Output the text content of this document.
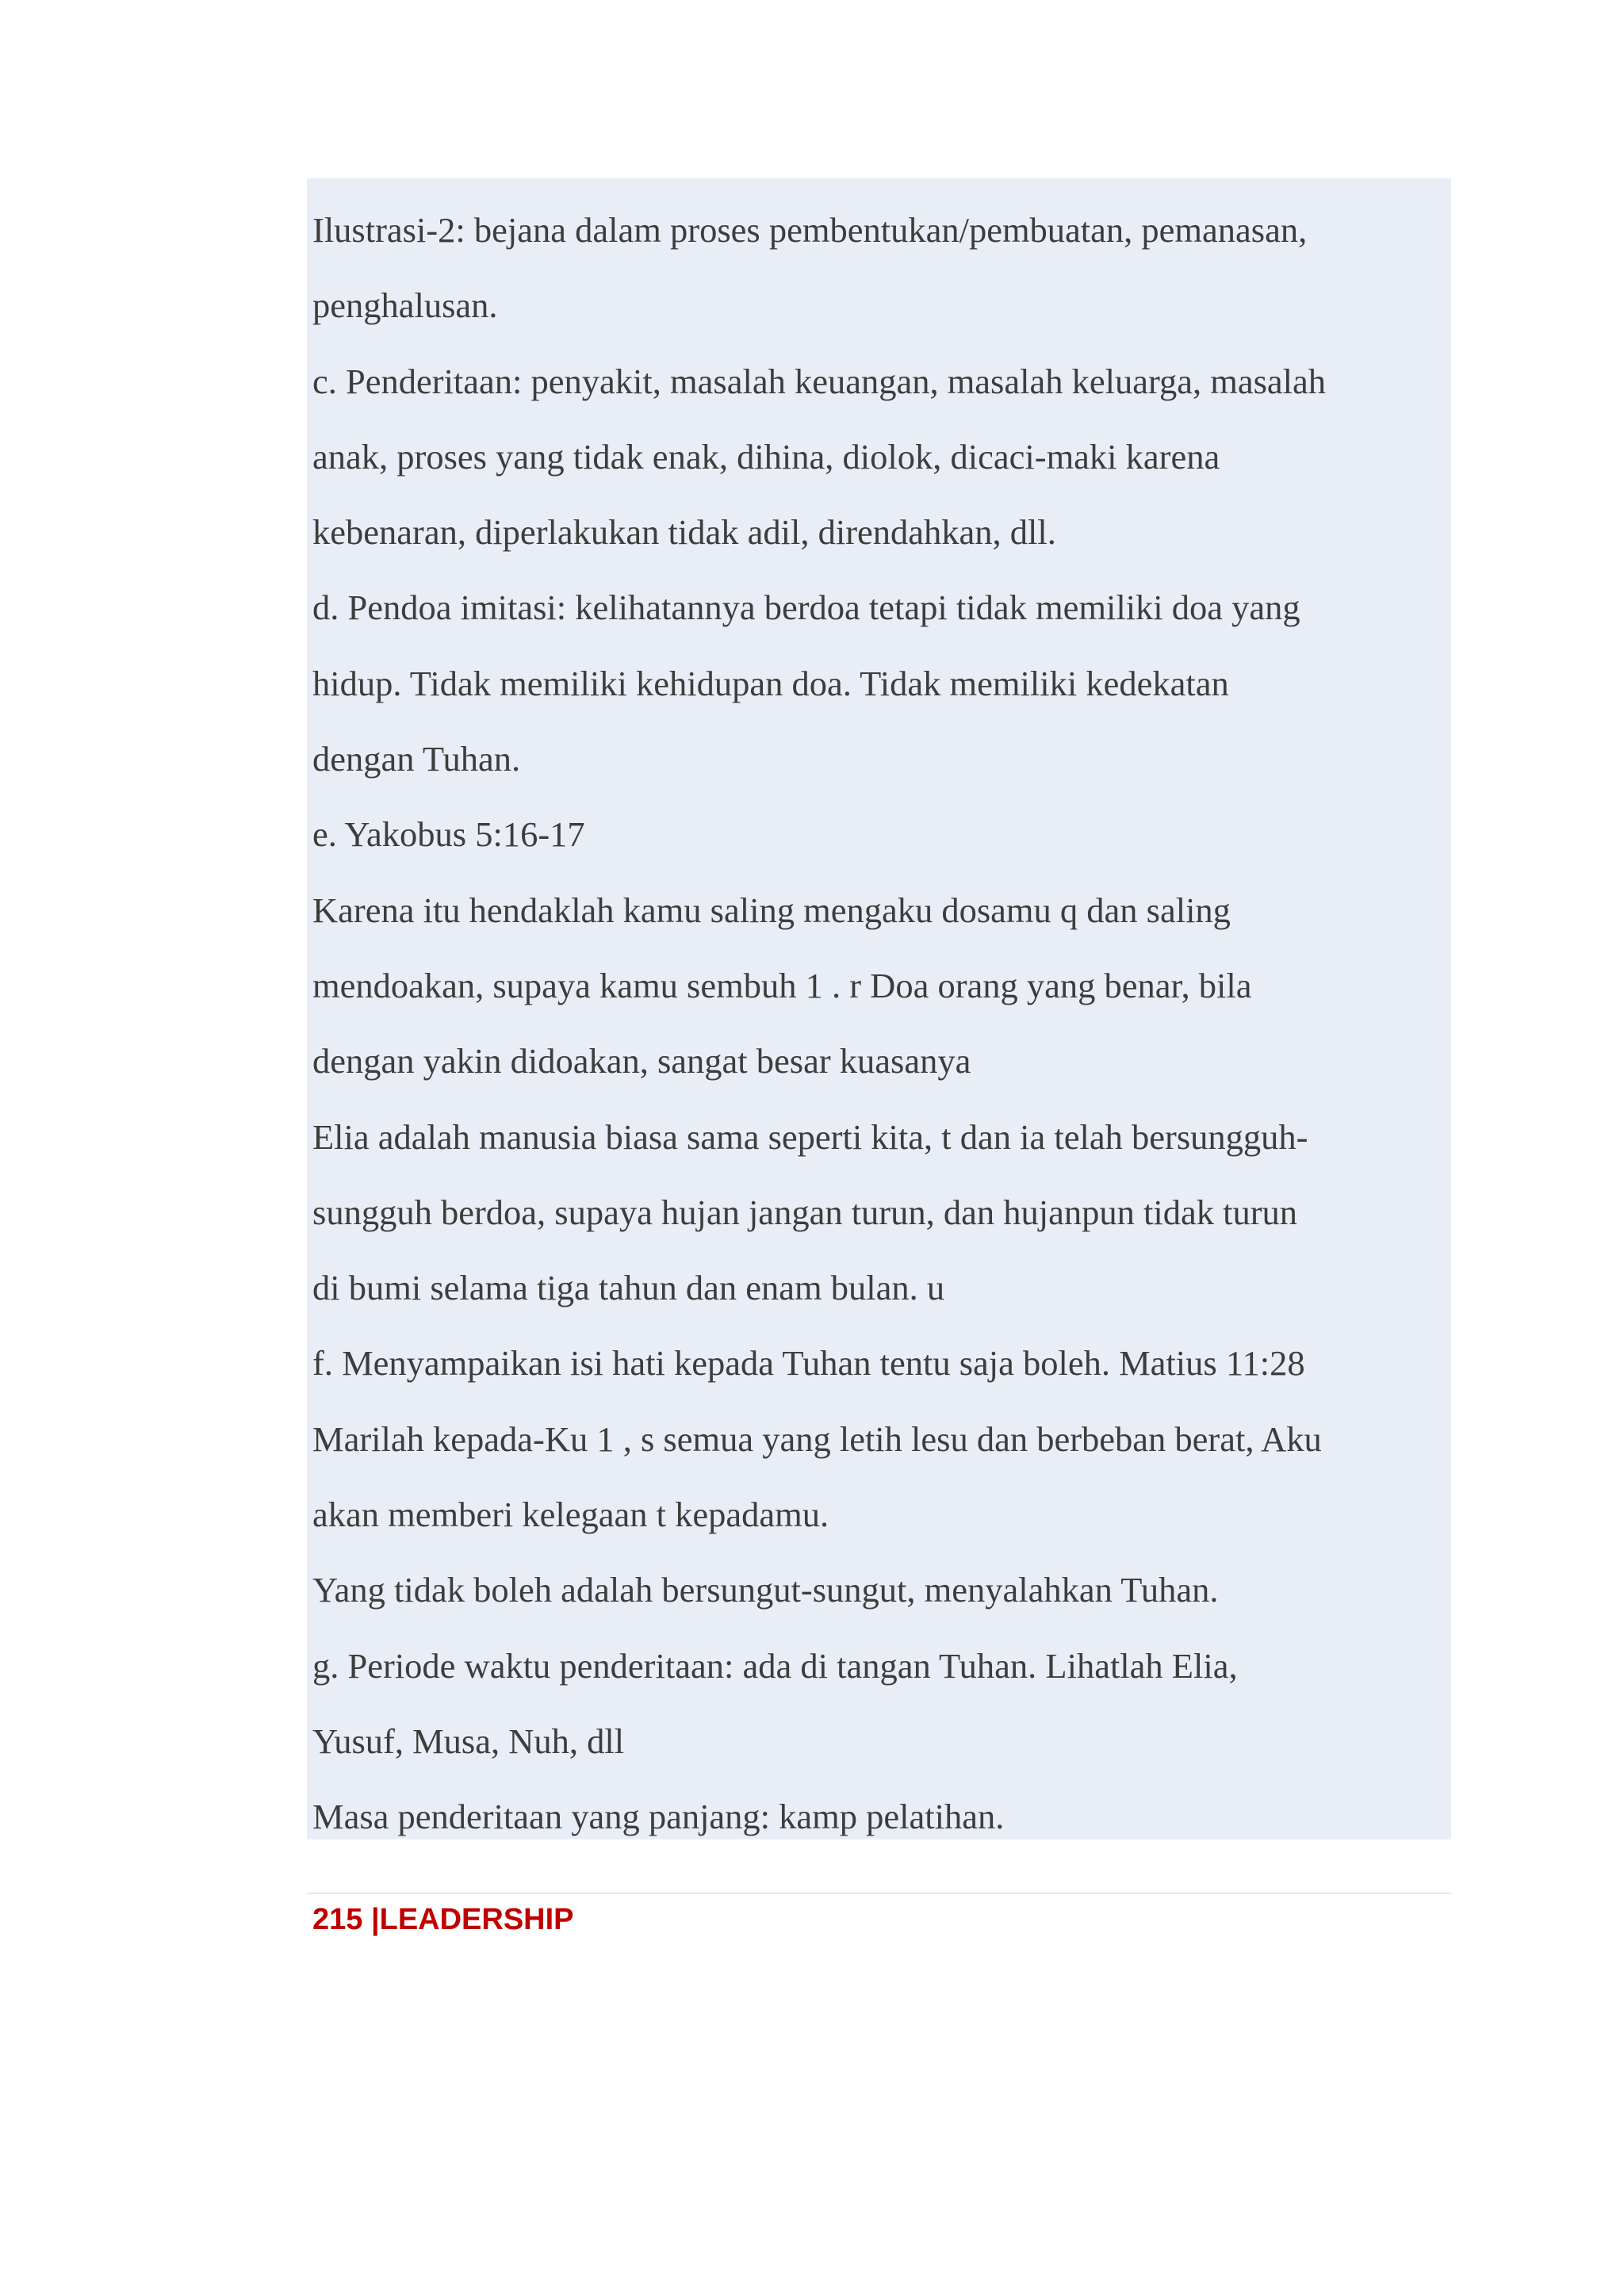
Ilustrasi-2: bejana dalam proses pembentukan/pembuatan, pemanasan,
penghalusan.
c. Penderitaan: penyakit, masalah keuangan, masalah keluarga, masalah
anak, proses yang tidak enak, dihina, diolok, dicaci-maki karena
kebenaran, diperlakukan tidak adil, direndahkan, dll.
d. Pendoa imitasi: kelihatannya berdoa tetapi tidak memiliki doa yang
hidup. Tidak memiliki kehidupan doa. Tidak memiliki kedekatan
dengan Tuhan.
e. Yakobus 5:16-17
Karena itu hendaklah kamu saling mengaku dosamu q dan saling
mendoakan, supaya kamu sembuh 1 . r Doa orang yang benar, bila
dengan yakin didoakan, sangat besar kuasanya
Elia adalah manusia biasa sama seperti kita, t dan ia telah bersungguh-
sungguh berdoa, supaya hujan jangan turun, dan hujanpun tidak turun
di bumi selama tiga tahun dan enam bulan. u
f. Menyampaikan isi hati kepada Tuhan tentu saja boleh. Matius 11:28
Marilah kepada-Ku 1 , s semua yang letih lesu dan berbeban berat, Aku
akan memberi kelegaan t kepadamu.
Yang tidak boleh adalah bersungut-sungut, menyalahkan Tuhan.
g. Periode waktu penderitaan: ada di tangan Tuhan. Lihatlah Elia,
Yusuf, Musa, Nuh, dll
Masa penderitaan yang panjang: kamp pelatihan.
215 |LEADERSHIP
